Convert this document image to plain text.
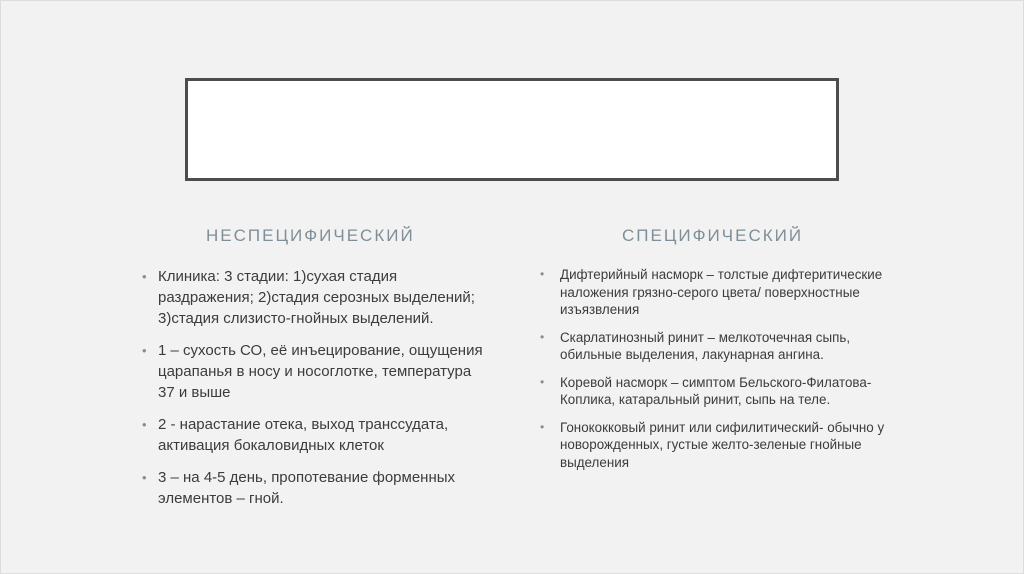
НЕСПЕЦИФИЧЕСКИЙ	СПЕЦИФИЧЕСКИЙ
• Клиника: 3 стадии: 1)сухая стадия раздражения; 2)стадия серозных выделений; 3)стадия слизисто-гнойных выделений.
• 1 – сухость СО, её инъецирование, ощущения царапанья в носу и носоглотке, температура 37 и выше
• 2 - нарастание отека, выход транссудата, активация бокаловидных клеток
• 3 – на 4-5 день, пропотевание форменных элементов – гной.
• Дифтерийный насморк – толстые дифтеритические наложения грязно-серого цвета/ поверхностные изъязвления
• Скарлатинозный ринит – мелкоточечная сыпь, обильные выделения, лакунарная ангина.
• Коревой насморк – симптом Бельского-Филатова-Коплика, катаральный ринит, сыпь на теле.
• Гонококковый ринит или сифилитический- обычно у новорожденных, густые желто-зеленые гнойные выделения
